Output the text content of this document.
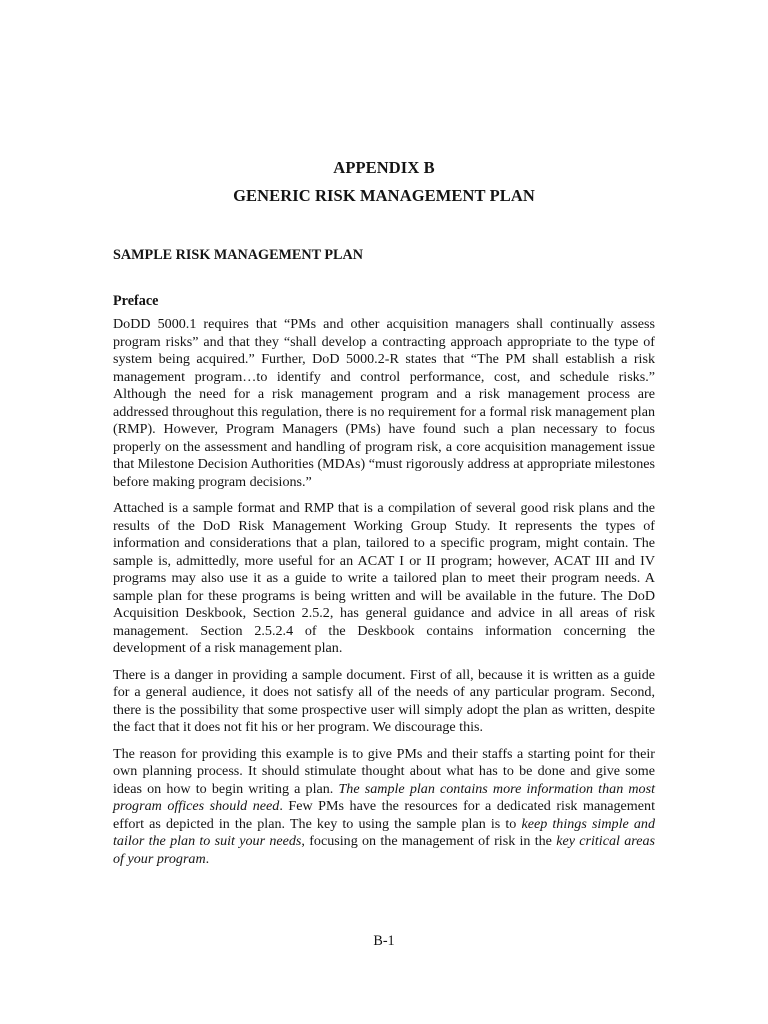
APPENDIX B
GENERIC RISK MANAGEMENT PLAN
SAMPLE RISK MANAGEMENT PLAN
Preface

DoDD 5000.1 requires that “PMs and other acquisition managers shall continually assess program risks” and that they “shall develop a contracting approach appropriate to the type of system being acquired.” Further, DoD 5000.2-R states that “The PM shall establish a risk management program…to identify and control performance, cost, and schedule risks.” Although the need for a risk management program and a risk management process are addressed throughout this regulation, there is no requirement for a formal risk management plan (RMP). However, Program Managers (PMs) have found such a plan necessary to focus properly on the assessment and handling of program risk, a core acquisition management issue that Milestone Decision Authorities (MDAs) “must rigorously address at appropriate milestones before making program decisions.”

Attached is a sample format and RMP that is a compilation of several good risk plans and the results of the DoD Risk Management Working Group Study. It represents the types of information and considerations that a plan, tailored to a specific program, might contain. The sample is, admittedly, more useful for an ACAT I or II program; however, ACAT III and IV programs may also use it as a guide to write a tailored plan to meet their program needs. A sample plan for these programs is being written and will be available in the future. The DoD Acquisition Deskbook, Section 2.5.2, has general guidance and advice in all areas of risk management. Section 2.5.2.4 of the Deskbook contains information concerning the development of a risk management plan.

There is a danger in providing a sample document. First of all, because it is written as a guide for a general audience, it does not satisfy all of the needs of any particular program. Second, there is the possibility that some prospective user will simply adopt the plan as written, despite the fact that it does not fit his or her program. We discourage this.

The reason for providing this example is to give PMs and their staffs a starting point for their own planning process. It should stimulate thought about what has to be done and give some ideas on how to begin writing a plan. The sample plan contains more information than most program offices should need. Few PMs have the resources for a dedicated risk management effort as depicted in the plan. The key to using the sample plan is to keep things simple and tailor the plan to suit your needs, focusing on the management of risk in the key critical areas of your program.

B-1
